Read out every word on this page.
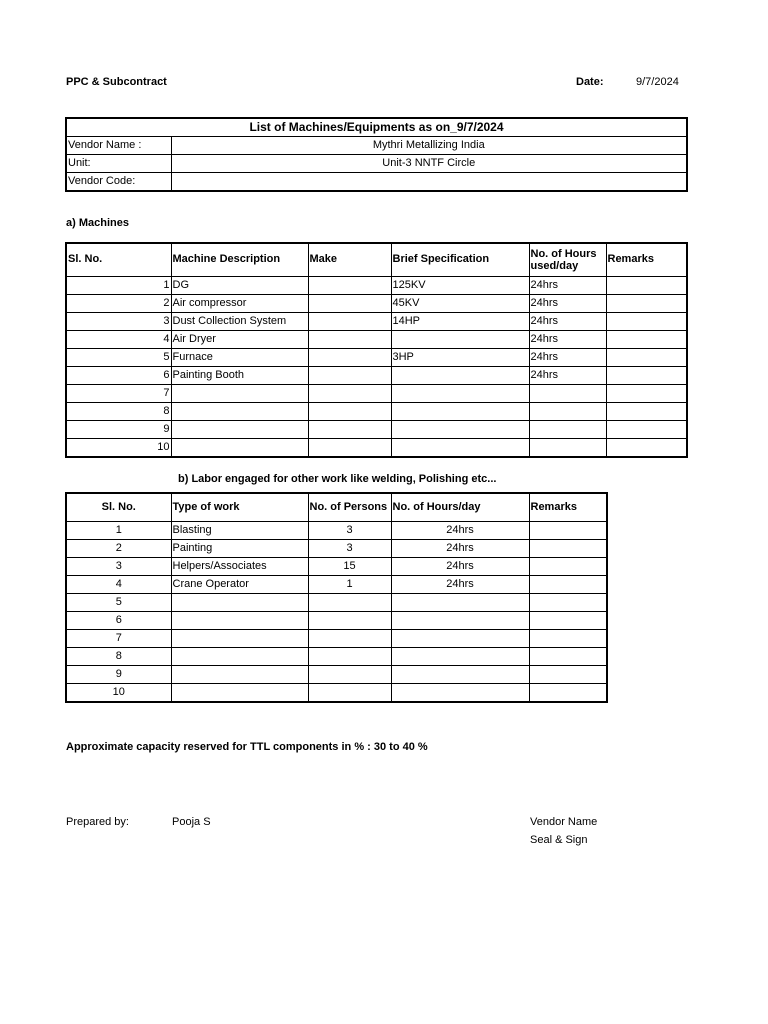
PPC & Subcontract	Date:	9/7/2024
List of Machines/Equipments as on_9/7/2024	
Vendor Name :	Mythri Metallizing India
Unit:	Unit-3 NNTF Circle
Vendor Code:	
a) Machines
Sl. No.	Machine Description	Make	Brief Specification	No. of Hours used/day	Remarks
1	DG		125KV	24hrs	
2	Air compressor		45KV	24hrs	
3	Dust Collection System		14HP	24hrs	
4	Air Dryer			24hrs	
5	Furnace		3HP	24hrs	
6	Painting Booth			24hrs	
7					
8					
9					
10					
b) Labor engaged for other work like welding, Polishing etc...
Sl. No.	Type of work	No. of Persons	No. of Hours/day	Remarks
1	Blasting	3	24hrs	
2	Painting	3	24hrs	
3	Helpers/Associates	15	24hrs	
4	Crane Operator	1	24hrs	
5				
6				
7				
8				
9				
10				
Approximate capacity reserved for TTL components in % : 30 to 40 %
Prepared by:	Pooja S	Vendor Name
Seal & Sign
